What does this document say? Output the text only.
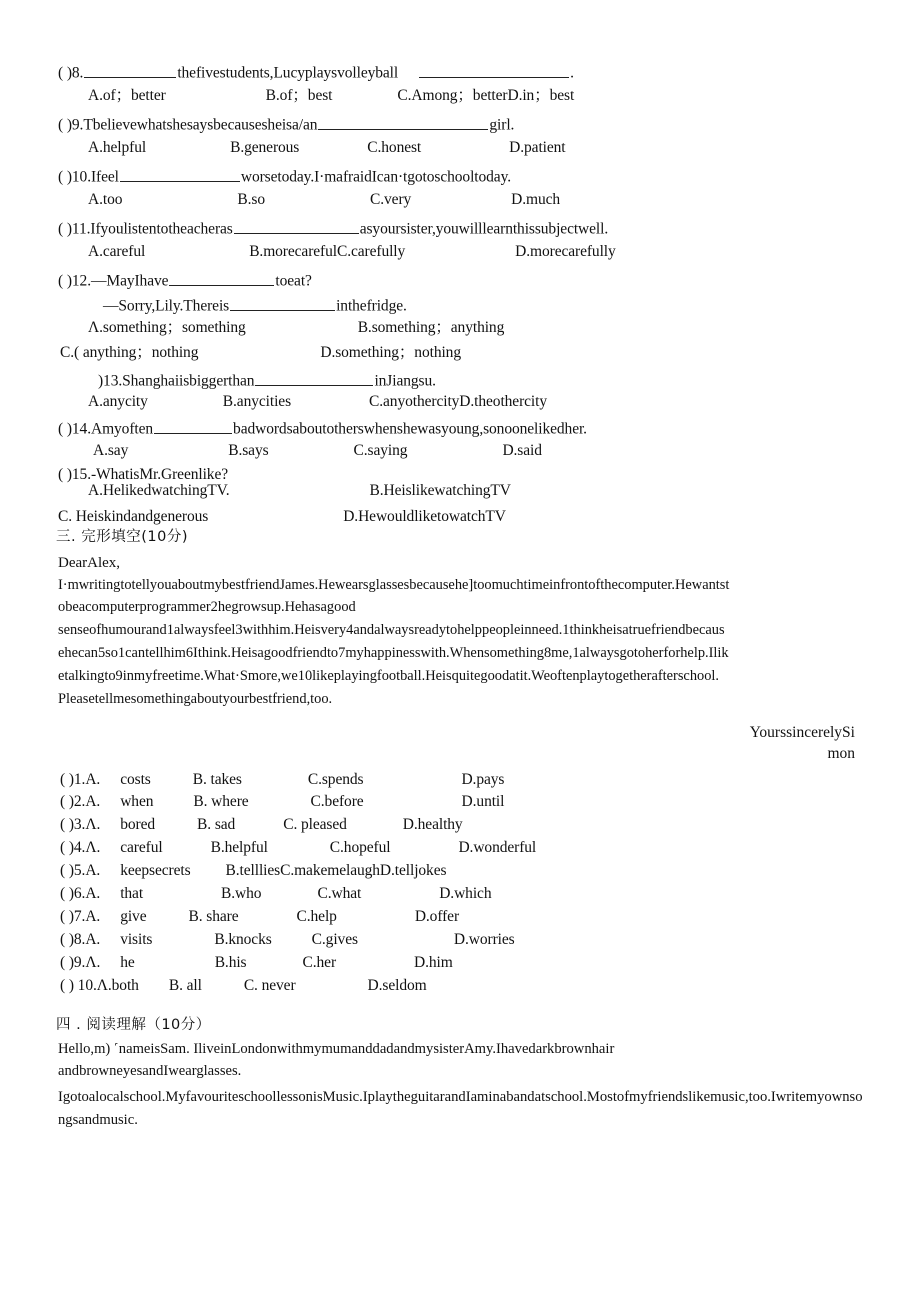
( )8.	thefivestudents,Lucyplaysvolleyball	.
A.of；better	B.of；best	C.Among；betterD.in；best
( )9.Tbelievewhatshesaysbecausesheisa/an	girl.
A.helpful	B.generous	C.honest	D.patient
( )10.Ifeel	worsetoday.I·mafraidIcan·tgotoschooltoday.
A.too	B.so	C.very	D.much
( )11.Ifyoulistentotheacheras	asyoursister,youwilllearnthissubjectwell.
A.careful	B.morecarefulC.carefully	D.morecarefully
( )12.—MayIhave	toeat?
—Sorry,Lily.Thereis	inthefridge.
Λ.something；something	B.something；anything
C.( anything；nothing	D.something；nothing
)13.Shanghaiisbiggerthan	inJiangsu.
A.anycity	B.anycities	C.anyothercityD.theothercity
( )14.Amyoften	badwordsaboutotherswhenshewasyoung,sonoonelikedher.
A.say	B.says	C.saying	D.said
( )15.-WhatisMr.Greenlike?
A.HelikedwatchingTV.	B.HeislikewatchingTV
C. Heiskindandgenerous	D.HewouldliketowatchTV
三. 完形填空(10分)
DearAlex,
I·mwritingtotellyouaboutmybestfriendJames.Hewearsglassesbecausehe]toomuchtimeinfrontofthecomputer.Hewantst
obeacomputerprogrammer2hegrowsup.Hehasagood
senseofhumourand1alwaysfeel3withhim.Heisvery4andalwaysreadytohelppeopleinneed.1thinkheisatruefriendbecaus
ehecan5so1cantellhim6Ithink.Heisagoodfriendto7myhappinesswith.Whensomething8me,1alwaysgotoherforhelp.Ilik
etalkingto9inmyfreetime.What·Smore,we10likeplayingfootball.Heisquitegoodatit.Weoftenplaytogetherafterschool.
Pleasetellmesomethingaboutyourbestfriend,too.
YourssincerelySi
mon
( )1.A. costs	B. takes	C.spends	D.pays
( )2.A. when	B. where	C.before	D.until
( )3.Λ. bored	B. sad	C. pleased	D.healthy
( )4.Λ. careful	B.helpful	C.hopeful	D.wonderful
( )5.A. keepsecrets B.tellliesC.makemelaughD.telljokes
( )6.A. that	B.who	C.what	D.which
( )7.A. give	B. share	C.help	D.offer
( )8.A. visits	B.knocks	C.gives	D.worries
( )9.Λ. he	B.his	C.her	D.him
( ) 10.Λ.both B. all	C. never	D.seldom
四 . 阅读理解（10分）
Hello,m) ˹nameisSam. IliveinLondonwithmymumanddadandmysisterAmy.Ihavedarkbrownhair
andbrowneyesandIwearglasses.
Igotoalocalschool.MyfavouriteschoollessonisMusic.IplaytheguitarandIaminabandatschool.Mostofmyfriendslikemusic,too.Iwritemyownsongsandmusic.
